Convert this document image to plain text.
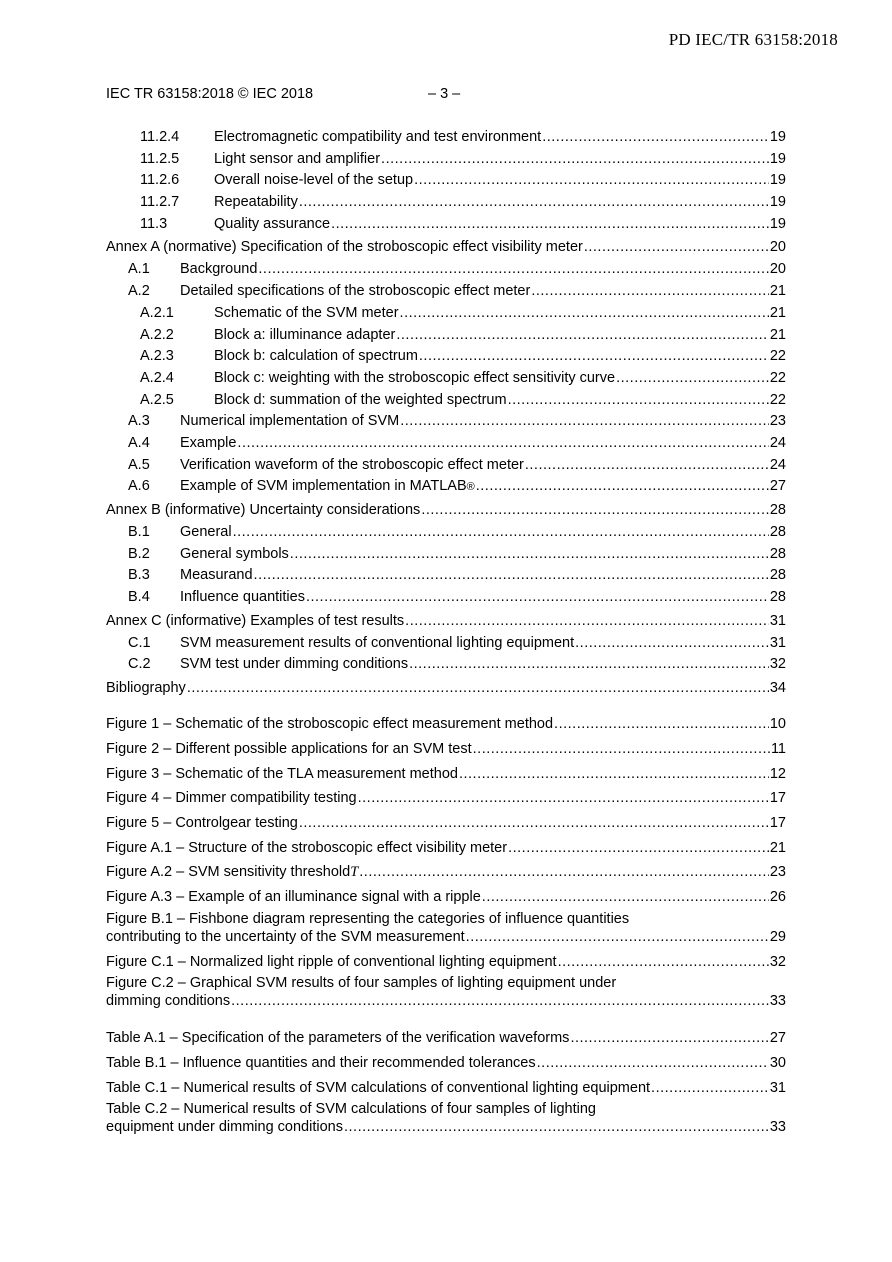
PD IEC/TR 63158:2018
IEC TR 63158:2018 © IEC 2018	– 3 –
11.2.4	Electromagnetic compatibility and test environment .....	19
11.2.5	Light sensor and amplifier .....	19
11.2.6	Overall noise-level of the setup .....	19
11.2.7	Repeatability .....	19
11.3	Quality assurance .....	19
Annex A (normative) Specification of the stroboscopic effect visibility meter .....	20
A.1	Background .....	20
A.2	Detailed specifications of the stroboscopic effect meter .....	21
A.2.1	Schematic of the SVM meter .....	21
A.2.2	Block a: illuminance adapter .....	21
A.2.3	Block b: calculation of spectrum .....	22
A.2.4	Block c: weighting with the stroboscopic effect sensitivity curve .....	22
A.2.5	Block d: summation of the weighted spectrum .....	22
A.3	Numerical implementation of SVM .....	23
A.4	Example .....	24
A.5	Verification waveform of the stroboscopic effect meter .....	24
A.6	Example of SVM implementation in MATLAB ® .....	27
Annex B (informative) Uncertainty considerations .....	28
B.1	General .....	28
B.2	General symbols .....	28
B.3	Measurand .....	28
B.4	Influence quantities .....	28
Annex C (informative) Examples of test results .....	31
C.1	SVM measurement results of conventional lighting equipment .....	31
C.2	SVM test under dimming conditions .....	32
Bibliography .....	34
Figure 1 – Schematic of the stroboscopic effect measurement method .....	10
Figure 2 – Different possible applications for an SVM test .....	11
Figure 3 – Schematic of the TLA measurement method .....	12
Figure 4 – Dimmer compatibility testing .....	17
Figure 5 – Controlgear testing .....	17
Figure A.1 – Structure of the stroboscopic effect visibility meter .....	21
Figure A.2 – SVM sensitivity threshold T .....	23
Figure A.3 – Example of an illuminance signal with a ripple .....	26
Figure B.1 – Fishbone diagram representing the categories of influence quantities
contributing to the uncertainty of the SVM measurement .....	29
Figure C.1 – Normalized light ripple of conventional lighting equipment .....	32
Figure C.2 – Graphical SVM results of four samples of lighting equipment under
dimming conditions .....	33
Table A.1 – Specification of the parameters of the verification waveforms .....	27
Table B.1 – Influence quantities and their recommended tolerances .....	30
Table C.1 – Numerical results of SVM calculations of conventional lighting equipment .....	31
Table C.2 – Numerical results of SVM calculations of four samples of lighting
equipment under dimming conditions .....	33
